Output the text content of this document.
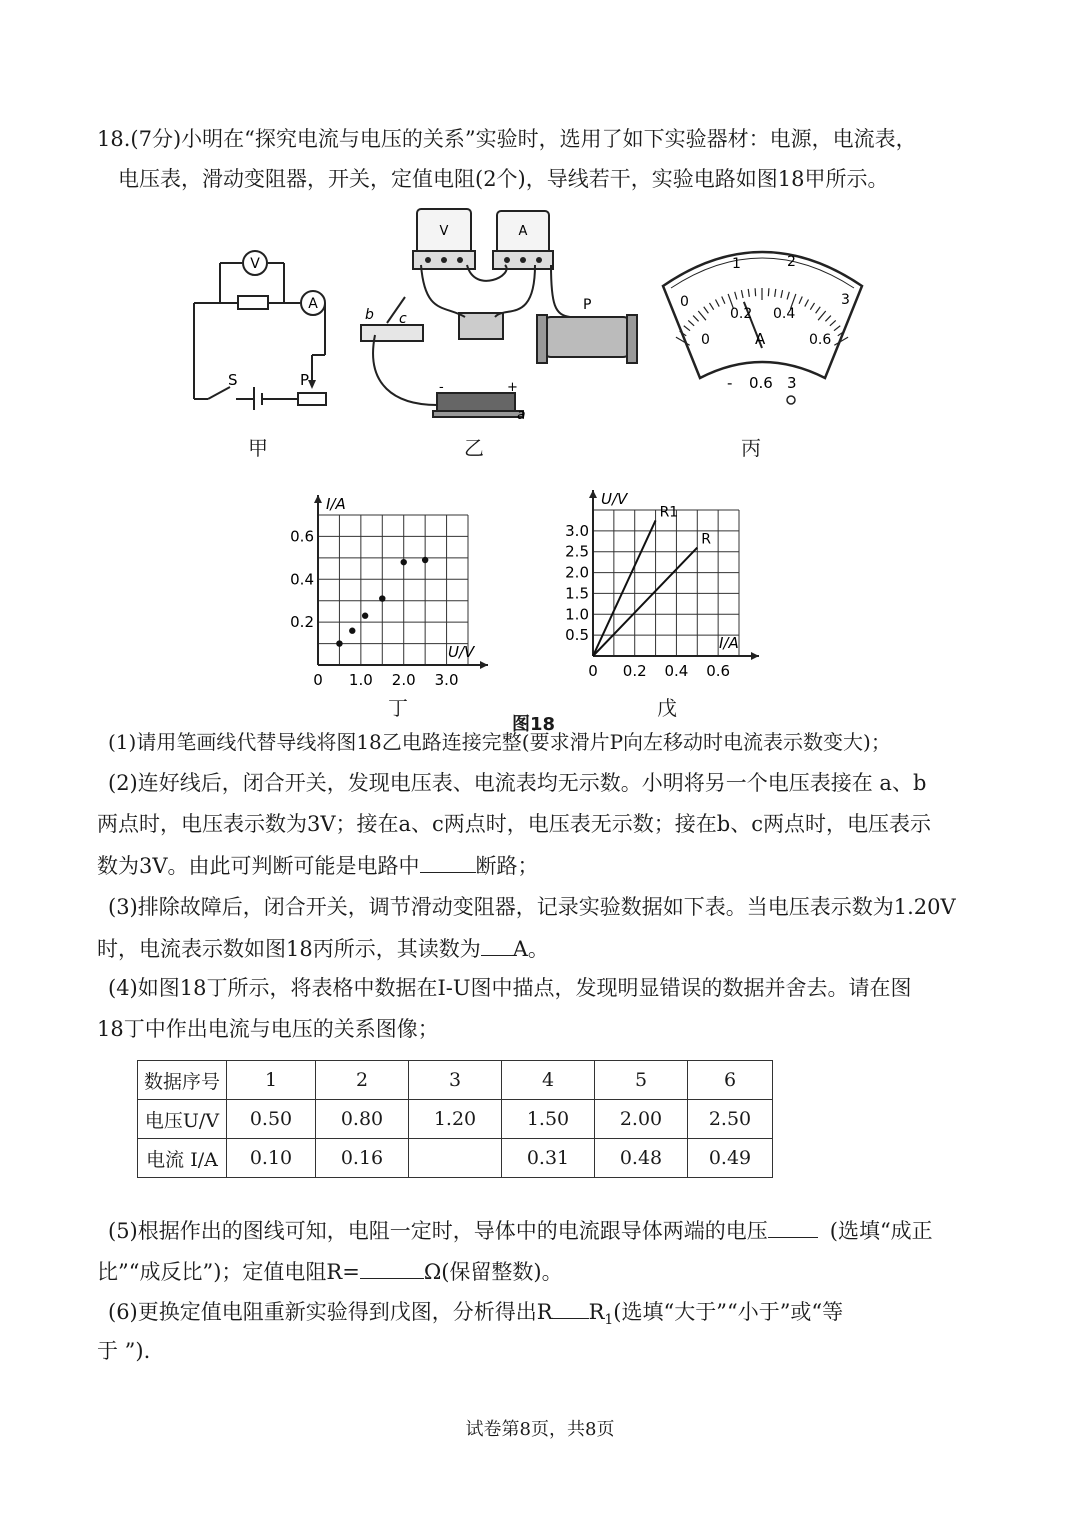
18.(7分)小明在“探究电流与电压的关系”实验时，选用了如下实验器材：电源，电流表，
电压表，滑动变阻器，开关，定值电阻(2个)，导线若干，实验电路如图18甲所示。
V
A
S	P
甲
V	A
P
b c
a
-	+
乙
0
1	2
3
0
0.2 0.4
0.6
A
- 0.6 3
丙
I/A
U/V
0 1.0 2.0 3.0
0.2
0.4
0.6
丁
U/V
I/A
0 0.2 0.4 0.6
0.5
1.0
1.5
2.0
2.5
3.0
R1
R
戊
图18
(1)请用笔画线代替导线将图18乙电路连接完整(要求滑片P向左移动时电流表示数变大)；
(2)连好线后，闭合开关，发现电压表、电流表均无示数。小明将另一个电压表接在 a、b
两点时，电压表示数为3V；接在a、c两点时，电压表无示数；接在b、c两点时，电压表示
数为3V。由此可判断可能是电路中	断路；
(3)排除故障后，闭合开关，调节滑动变阻器，记录实验数据如下表。当电压表示数为1.20V
时，电流表示数如图18丙所示，其读数为 A。
(4)如图18丁所示，将表格中数据在I-U图中描点，发现明显错误的数据并舍去。请在图
18丁中作出电流与电压的关系图像；
数据序号	1	2	3	4	5	6
电压U/V	0.50	0.80	1.20	1.50	2.00	2.50
电流 I/A	0.10	0.16		0.31	0.48	0.49
(5)根据作出的图线可知，电阻一定时，导体中的电流跟导体两端的电压	(选填“成正
比”“成反比”)；定值电阻R=	Ω(保留整数)。
(6)更换定值电阻重新实验得到戊图，分析得出R $R_1$(选填“大于”“小于”或“等
于 ”).
试卷第8页，共8页
